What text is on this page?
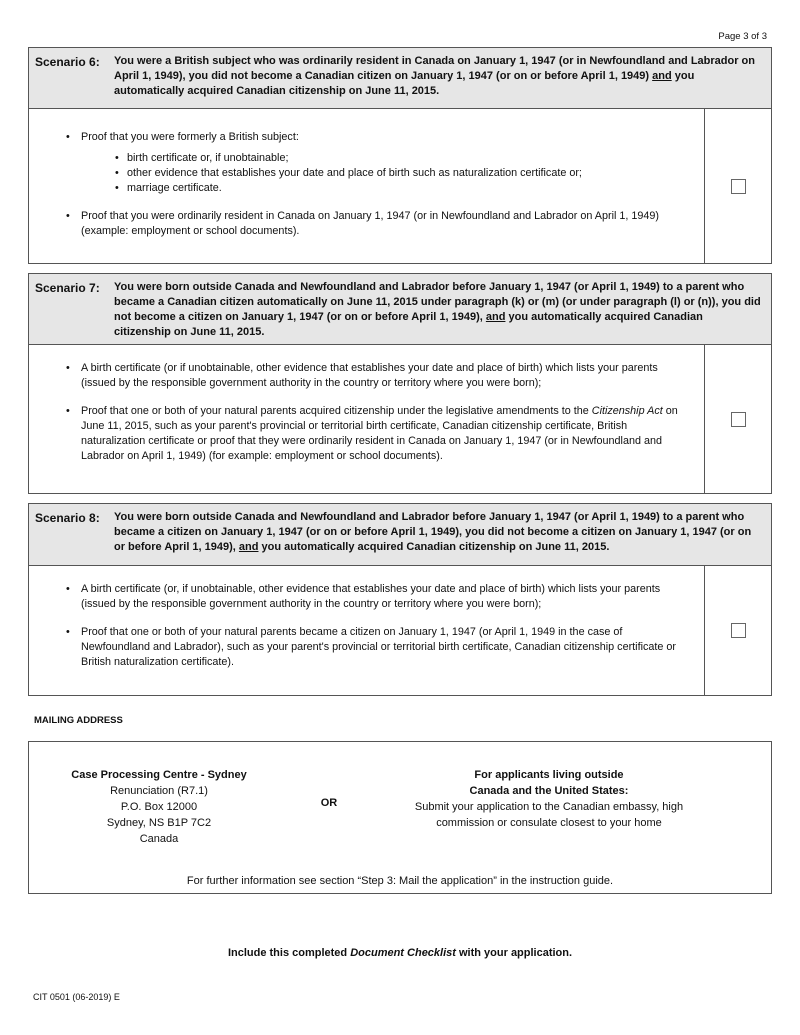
Page 3 of 3
Scenario 6: You were a British subject who was ordinarily resident in Canada on January 1, 1947 (or in Newfoundland and Labrador on April 1, 1949), you did not become a Canadian citizen on January 1, 1947 (or on or before April 1, 1949) and you automatically acquired Canadian citizenship on June 11, 2015.
• Proof that you were formerly a British subject:
• birth certificate or, if unobtainable;
• other evidence that establishes your date and place of birth such as naturalization certificate or;
• marriage certificate.
• Proof that you were ordinarily resident in Canada on January 1, 1947 (or in Newfoundland and Labrador on April 1, 1949) (example: employment or school documents).
Scenario 7: You were born outside Canada and Newfoundland and Labrador before January 1, 1947 (or April 1, 1949) to a parent who became a Canadian citizen automatically on June 11, 2015 under paragraph (k) or (m) (or under paragraph (l) or (n)), you did not become a citizen on January 1, 1947 (or on or before April 1, 1949), and you automatically acquired Canadian citizenship on June 11, 2015.
• A birth certificate (or if unobtainable, other evidence that establishes your date and place of birth) which lists your parents (issued by the responsible government authority in the country or territory where you were born);
• Proof that one or both of your natural parents acquired citizenship under the legislative amendments to the Citizenship Act on June 11, 2015, such as your parent's provincial or territorial birth certificate, Canadian citizenship certificate, British naturalization certificate or proof that they were ordinarily resident in Canada on January 1, 1947 (or in Newfoundland and Labrador on April 1, 1949) (for example: employment or school documents).
Scenario 8: You were born outside Canada and Newfoundland and Labrador before January 1, 1947 (or April 1, 1949) to a parent who became a citizen on January 1, 1947 (or on or before April 1, 1949), you did not become a citizen on January 1, 1947 (or on or before April 1, 1949), and you automatically acquired Canadian citizenship on June 11, 2015.
• A birth certificate (or, if unobtainable, other evidence that establishes your date and place of birth) which lists your parents (issued by the responsible government authority in the country or territory where you were born);
• Proof that one or both of your natural parents became a citizen on January 1, 1947 (or April 1, 1949 in the case of Newfoundland and Labrador), such as your parent's provincial or territorial birth certificate, Canadian citizenship certificate or British naturalization certificate).
MAILING ADDRESS
Case Processing Centre - Sydney
Renunciation (R7.1)
P.O. Box 12000
Sydney, NS B1P 7C2
Canada
OR
For applicants living outside
Canada and the United States:
Submit your application to the Canadian embassy, high
commission or consulate closest to your home
For further information see section “Step 3: Mail the application” in the instruction guide.
Include this completed Document Checklist with your application.
CIT 0501 (06-2019) E
